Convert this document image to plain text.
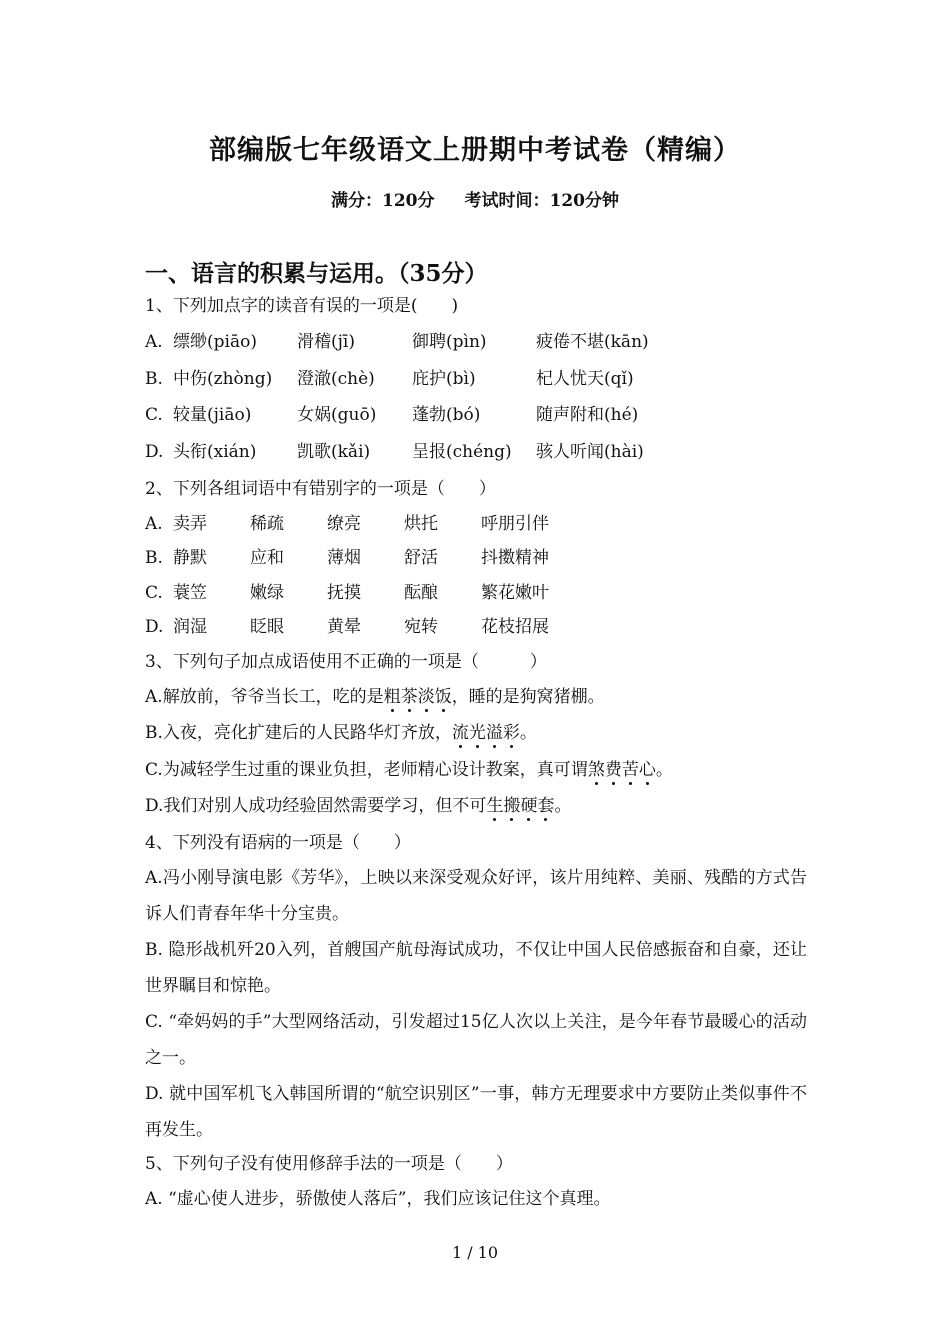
部编版七年级语文上册期中考试卷（精编）
满分：120分 考试时间：120分钟
一、语言的积累与运用。（35分）
1、下列加点字的读音有误的一项是(　　)
A. 缥缈(piāo) 滑稽(jī)	御聘(pìn)	疲倦不堪(kān)
B. 中伤(zhòng) 澄澈(chè) 庇护(bì)	杞人忧天(qǐ)
C. 较量(jiāo)	女娲(guō) 蓬勃(bó)	随声附和(hé)
D. 头衔(xián) 凯歌(kǎi) 呈报(chéng) 骇人听闻(hài)
2、下列各组词语中有错别字的一项是（　　）
A. 卖弄	稀疏	缭亮	烘托	呼朋引伴
B. 静默	应和	薄烟	舒活	抖擞精神
C. 蓑笠	嫩绿	抚摸	酝酿	繁花嫩叶
D. 润湿	眨眼	黄晕	宛转	花枝招展
3、下列句子加点成语使用不正确的一项是（　　　）
A.解放前，爷爷当长工，吃的是粗茶淡饭，睡的是狗窝猪棚。
B.入夜，亮化扩建后的人民路华灯齐放，流光溢彩。
C.为减轻学生过重的课业负担，老师精心设计教案，真可谓煞费苦心。
D.我们对别人成功经验固然需要学习，但不可生搬硬套。
4、下列没有语病的一项是（　　）
A.冯小刚导演电影《芳华》，上映以来深受观众好评，该片用纯粹、美丽、残酷的方式告诉人们青春年华十分宝贵。
B. 隐形战机歼20入列，首艘国产航母海试成功，不仅让中国人民倍感振奋和自豪，还让世界瞩目和惊艳。
C. “牵妈妈的手”大型网络活动，引发超过15亿人次以上关注，是今年春节最暖心的活动之一。
D. 就中国军机飞入韩国所谓的“航空识别区”一事，韩方无理要求中方要防止类似事件不再发生。
5、下列句子没有使用修辞手法的一项是（　　）
A. “虚心使人进步，骄傲使人落后”，我们应该记住这个真理。
1 / 10
